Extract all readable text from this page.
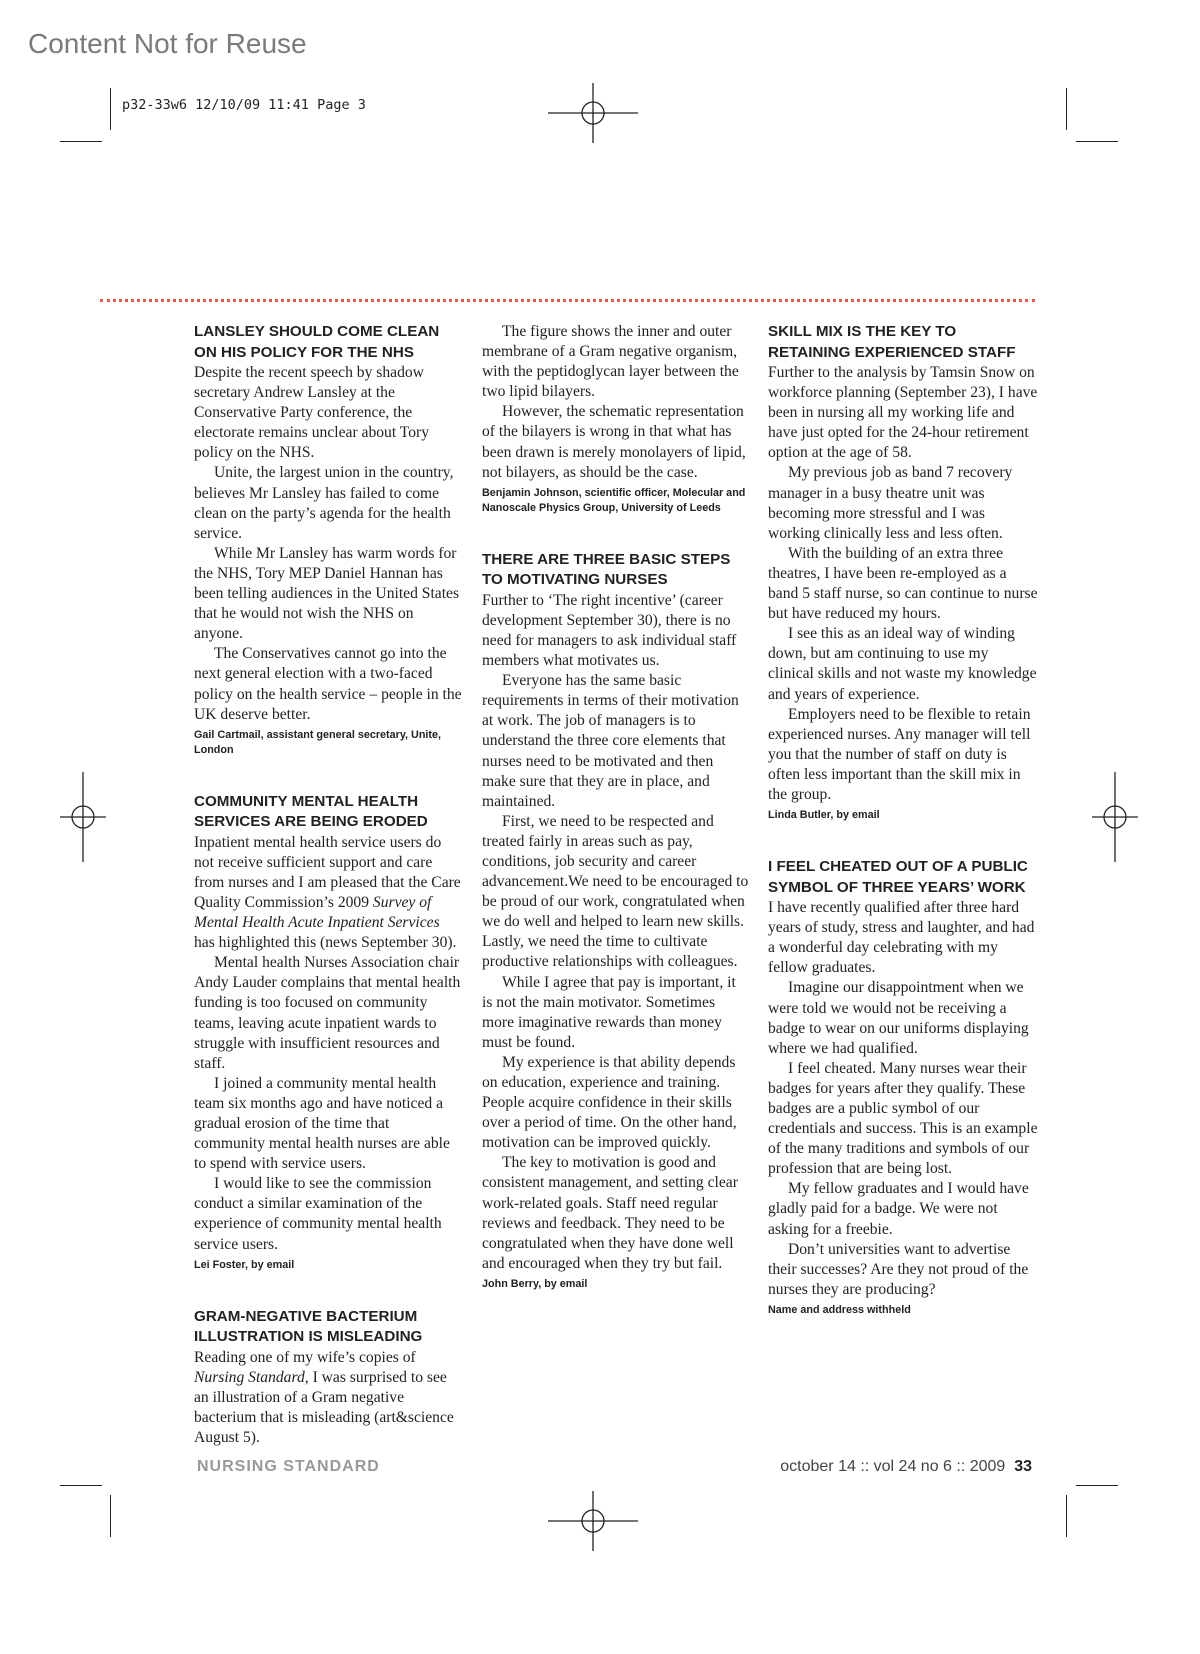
Content Not for Reuse
p32-33w6 12/10/09 11:41 Page 3
LANSLEY SHOULD COME CLEAN ON HIS POLICY FOR THE NHS

Despite the recent speech by shadow secretary Andrew Lansley at the Conservative Party conference, the electorate remains unclear about Tory policy on the NHS.

Unite, the largest union in the country, believes Mr Lansley has failed to come clean on the party’s agenda for the health service.

While Mr Lansley has warm words for the NHS, Tory MEP Daniel Hannan has been telling audiences in the United States that he would not wish the NHS on anyone.

The Conservatives cannot go into the next general election with a two-faced policy on the health service – people in the UK deserve better.

Gail Cartmail, assistant general secretary, Unite, London
COMMUNITY MENTAL HEALTH SERVICES ARE BEING ERODED

Inpatient mental health service users do not receive sufficient support and care from nurses and I am pleased that the Care Quality Commission’s 2009 Survey of Mental Health Acute Inpatient Services has highlighted this (news September 30).

Mental health Nurses Association chair Andy Lauder complains that mental health funding is too focused on community teams, leaving acute inpatient wards to struggle with insufficient resources and staff.

I joined a community mental health team six months ago and have noticed a gradual erosion of the time that community mental health nurses are able to spend with service users.

I would like to see the commission conduct a similar examination of the experience of community mental health service users.

Lei Foster, by email
GRAM-NEGATIVE BACTERIUM ILLUSTRATION IS MISLEADING

Reading one of my wife’s copies of Nursing Standard, I was surprised to see an illustration of a Gram negative bacterium that is misleading (art&science August 5).

The figure shows the inner and outer membrane of a Gram negative organism, with the peptidoglycan layer between the two lipid bilayers.

However, the schematic representation of the bilayers is wrong in that what has been drawn is merely monolayers of lipid, not bilayers, as should be the case.

Benjamin Johnson, scientific officer, Molecular and Nanoscale Physics Group, University of Leeds
THERE ARE THREE BASIC STEPS TO MOTIVATING NURSES

Further to ‘The right incentive’ (career development September 30), there is no need for managers to ask individual staff members what motivates us.

Everyone has the same basic requirements in terms of their motivation at work. The job of managers is to understand the three core elements that nurses need to be motivated and then make sure that they are in place, and maintained.

First, we need to be respected and treated fairly in areas such as pay, conditions, job security and career advancement.We need to be encouraged to be proud of our work, congratulated when we do well and helped to learn new skills. Lastly, we need the time to cultivate productive relationships with colleagues.

While I agree that pay is important, it is not the main motivator. Sometimes more imaginative rewards than money must be found.

My experience is that ability depends on education, experience and training. People acquire confidence in their skills over a period of time. On the other hand, motivation can be improved quickly.

The key to motivation is good and consistent management, and setting clear work-related goals. Staff need regular reviews and feedback. They need to be congratulated when they have done well and encouraged when they try but fail.

John Berry, by email
SKILL MIX IS THE KEY TO RETAINING EXPERIENCED STAFF

Further to the analysis by Tamsin Snow on workforce planning (September 23), I have been in nursing all my working life and have just opted for the 24-hour retirement option at the age of 58.

My previous job as band 7 recovery manager in a busy theatre unit was becoming more stressful and I was working clinically less and less often.

With the building of an extra three theatres, I have been re-employed as a band 5 staff nurse, so can continue to nurse but have reduced my hours.

I see this as an ideal way of winding down, but am continuing to use my clinical skills and not waste my knowledge and years of experience.

Employers need to be flexible to retain experienced nurses. Any manager will tell you that the number of staff on duty is often less important than the skill mix in the group.

Linda Butler, by email
I FEEL CHEATED OUT OF A PUBLIC SYMBOL OF THREE YEARS’ WORK

I have recently qualified after three hard years of study, stress and laughter, and had a wonderful day celebrating with my fellow graduates.

Imagine our disappointment when we were told we would not be receiving a badge to wear on our uniforms displaying where we had qualified.

I feel cheated. Many nurses wear their badges for years after they qualify. These badges are a public symbol of our credentials and success. This is an example of the many traditions and symbols of our profession that are being lost.

My fellow graduates and I would have gladly paid for a badge. We were not asking for a freebie.

Don’t universities want to advertise their successes? Are they not proud of the nurses they are producing?

Name and address withheld
NURSING STANDARD	october 14 :: vol 24 no 6 :: 2009 33
